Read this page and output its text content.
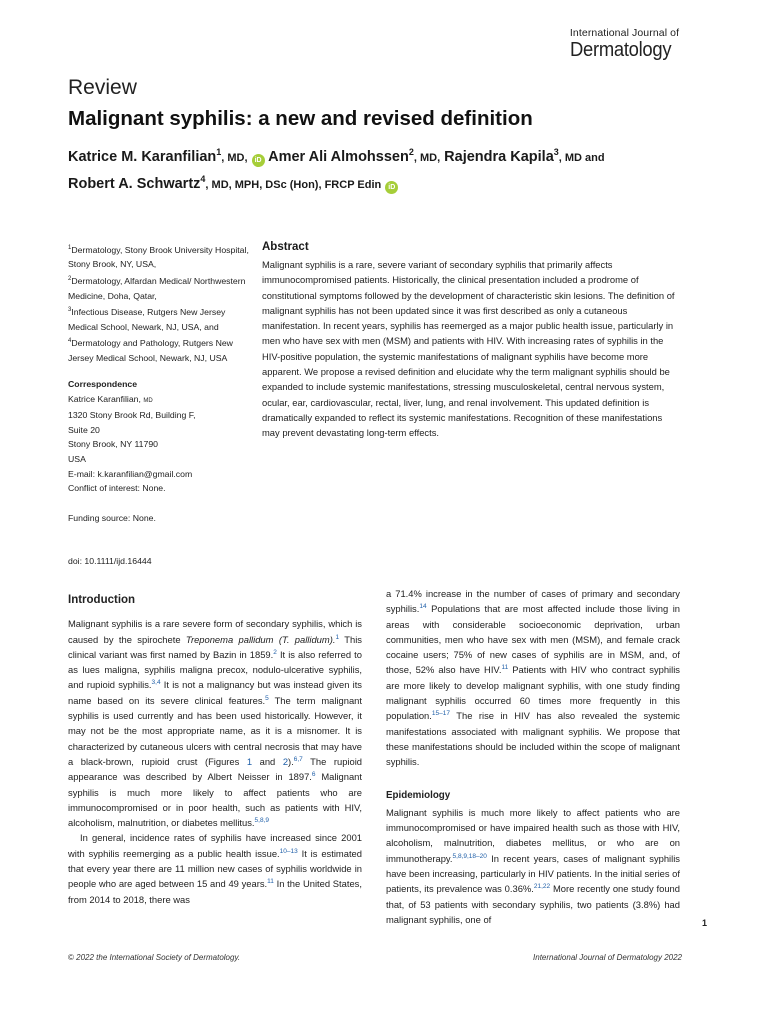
International Journal of
Dermatology
Review
Malignant syphilis: a new and revised definition
Katrice M. Karanfilian$^1$, MD, iD Amer Ali Almohssen$^2$, MD, Rajendra Kapila$^3$, MD and
Robert A. Schwartz$^4$, MD, MPH, DSc (Hon), FRCP Edin iD
$^1$Dermatology, Stony Brook University Hospital, Stony Brook, NY, USA,
$^2$Dermatology, Alfardan Medical/ Northwestern Medicine, Doha, Qatar,
$^3$Infectious Disease, Rutgers New Jersey Medical School, Newark, NJ, USA, and
$^4$Dermatology and Pathology, Rutgers New Jersey Medical School, Newark, NJ, USA
Correspondence
Katrice Karanfilian, MD
1320 Stony Brook Rd, Building F,
Suite 20
Stony Brook, NY 11790
USA
E-mail: k.karanfilian@gmail.com
Conflict of interest: None.
Funding source: None.
doi: 10.1111/ijd.16444
Abstract
Malignant syphilis is a rare, severe variant of secondary syphilis that primarily affects immunocompromised patients. Historically, the clinical presentation included a prodrome of constitutional symptoms followed by the development of characteristic skin lesions. The definition of malignant syphilis has not been updated since it was first described as only a cutaneous manifestation. In recent years, syphilis has reemerged as a major public health issue, particularly in men who have sex with men (MSM) and patients with HIV. With increasing rates of syphilis in the HIV-positive population, the systemic manifestations of malignant syphilis have become more apparent. We propose a revised definition and elucidate why the term malignant syphilis should be expanded to include systemic manifestations, stressing musculoskeletal, central nervous system, ocular, ear, cardiovascular, rectal, liver, lung, and renal involvement. This updated definition is dramatically expanded to reflect its systemic manifestations. Recognition of these manifestations may prevent devastating long-term effects.
Introduction

Malignant syphilis is a rare severe form of secondary syphilis, which is caused by the spirochete Treponema pallidum (T. pallidum).$^1$ This clinical variant was first named by Bazin in 1859.$^2$ It is also referred to as lues maligna, syphilis maligna precox, nodulo-ulcerative syphilis, and rupioid syphilis.$^{3,4}$ It is not a malignancy but was instead given its name based on its severe clinical features.$^5$ The term malignant syphilis is used currently and has been used historically. However, it may not be the most appropriate name, as it is a misnomer. It is characterized by cutaneous ulcers with central necrosis that may have a black-brown, rupioid crust (Figures 1 and 2).$^{6,7}$ The rupioid appearance was described by Albert Neisser in 1897.$^6$ Malignant syphilis is much more likely to affect patients who are immunocompromised or in poor health, such as patients with HIV, alcoholism, malnutrition, or diabetes mellitus.$^{5,8,9}$

In general, incidence rates of syphilis have increased since 2001 with syphilis reemerging as a public health issue.$^{10-13}$ It is estimated that every year there are 11 million new cases of syphilis worldwide in people who are aged between 15 and 49 years.$^{11}$ In the United States, from 2014 to 2018, there was

a 71.4% increase in the number of cases of primary and secondary syphilis.$^{14}$ Populations that are most affected include those living in areas with considerable socioeconomic deprivation, urban communities, men who have sex with men (MSM), and female crack cocaine users; 75% of new cases of syphilis are in MSM, and, of those, 52% also have HIV.$^{11}$ Patients with HIV who contract syphilis are more likely to develop malignant syphilis, with one study finding malignant syphilis occurred 60 times more frequently in this population.$^{15-17}$ The rise in HIV has also revealed the systemic manifestations associated with malignant syphilis. We propose that these manifestations should be included within the scope of malignant syphilis.

Epidemiology

Malignant syphilis is much more likely to affect patients who are immunocompromised or have impaired health such as those with HIV, alcoholism, malnutrition, diabetes mellitus, or who are on immunotherapy.$^{5,8,9,18-20}$ In recent years, cases of malignant syphilis have been increasing, particularly in HIV patients. In the initial series of patients, its prevalence was 0.36%.$^{21,22}$ More recently one study found that, of 53 patients with secondary syphilis, two patients (3.8%) had malignant syphilis, one of	1
© 2022 the International Society of Dermatology.	International Journal of Dermatology 2022
